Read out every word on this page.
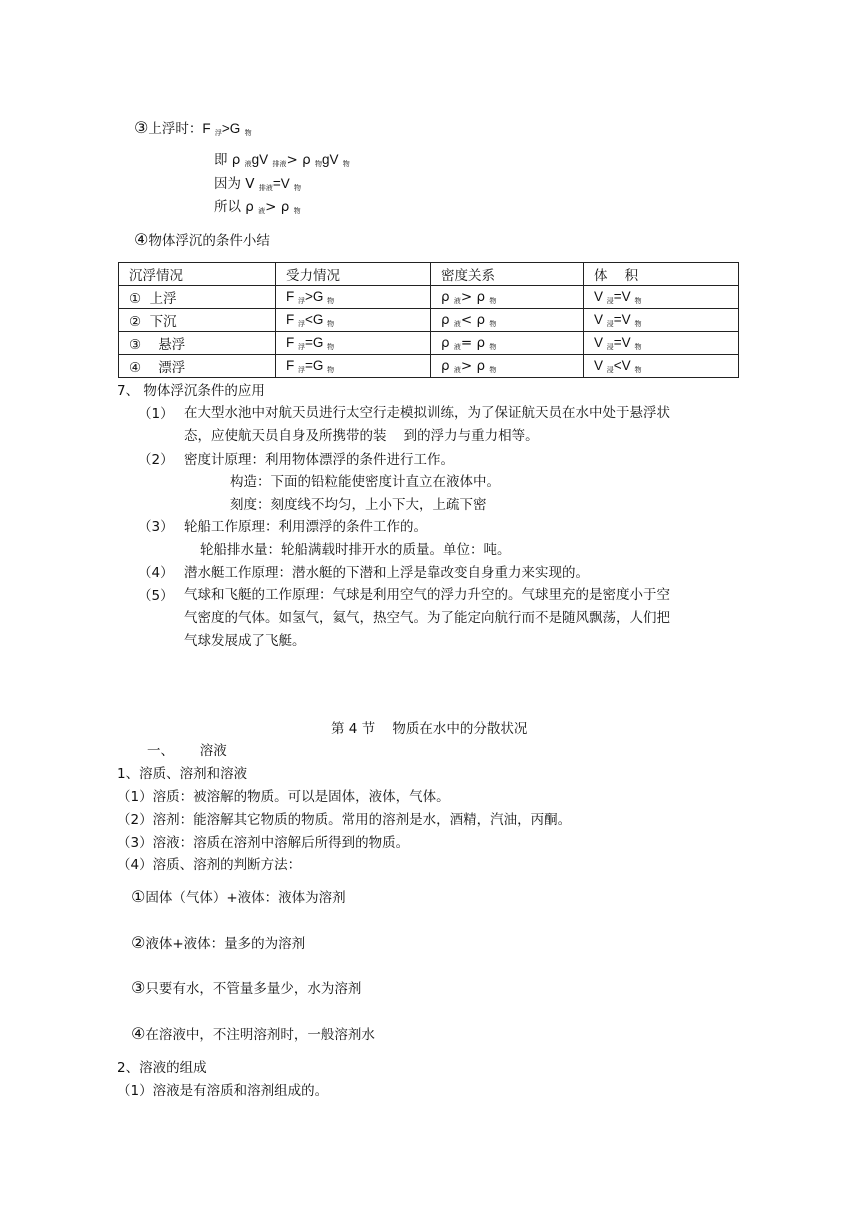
③上浮时：F $_浮$>G $_物$
即 ρ $_液$gV $_{排液}$> ρ $_物$gV $_物$
因为 V $_{排液}$=V $_物$
所以 ρ $_液$> ρ $_物$
④物体浮沉的条件小结
沉浮情况	受力情况	密度关系	体    积
①  上浮	F $_浮$>G $_物$	ρ $_液$> ρ $_物$	V $_浸$=V $_物$
②  下沉	F $_浮$<G $_物$	ρ $_液$< ρ $_物$	V $_浸$=V $_物$
③    悬浮	F $_浮$=G $_物$	ρ $_液$= ρ $_物$	V $_浸$=V $_物$
④    漂浮	F $_浮$=G $_物$	ρ $_液$> ρ $_物$	V $_浸$<V $_物$
7、 物体浮沉条件的应用
（1） 在大型水池中对航天员进行太空行走模拟训练，为了保证航天员在水中处于悬浮状
态，应使航天员自身及所携带的装    到的浮力与重力相等。
（2） 密度计原理：利用物体漂浮的条件进行工作。
构造：下面的铅粒能使密度计直立在液体中。
刻度：刻度线不均匀，上小下大，上疏下密
（3） 轮船工作原理：利用漂浮的条件工作的。
轮船排水量：轮船满载时排开水的质量。单位：吨。
（4） 潜水艇工作原理：潜水艇的下潜和上浮是靠改变自身重力来实现的。
（5） 气球和飞艇的工作原理：气球是利用空气的浮力升空的。气球里充的是密度小于空
气密度的气体。如氢气，氦气，热空气。为了能定向航行而不是随风飘荡，人们把
气球发展成了飞艇。
第 4 节    物质在水中的分散状况
一、      溶液
1、溶质、溶剂和溶液
（1）溶质：被溶解的物质。可以是固体，液体，气体。
（2）溶剂：能溶解其它物质的物质。常用的溶剂是水，酒精，汽油，丙酮。
（3）溶液：溶质在溶剂中溶解后所得到的物质。
（4）溶质、溶剂的判断方法：
①固体（气体）+液体：液体为溶剂
②液体+液体：量多的为溶剂
③只要有水，不管量多量少，水为溶剂
④在溶液中，不注明溶剂时，一般溶剂水
2、溶液的组成
（1）溶液是有溶质和溶剂组成的。
